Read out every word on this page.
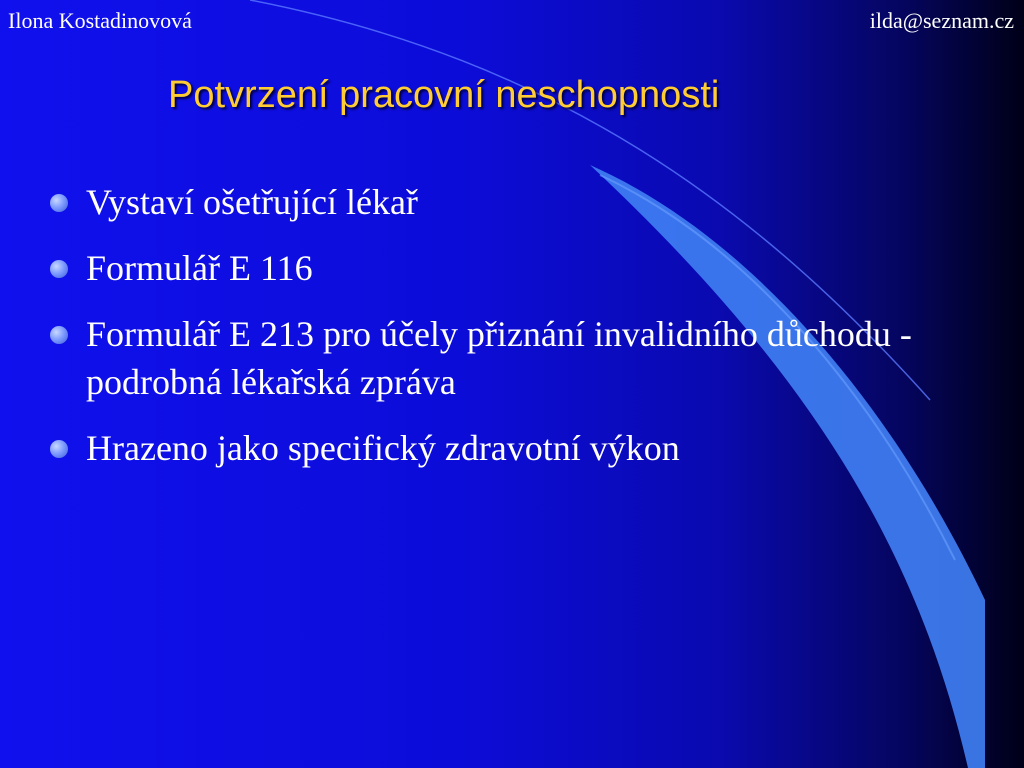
Ilona Kostadinovová	ilda@seznam.cz
Potvrzení pracovní neschopnosti
Vystaví ošetřující lékař
Formulář E 116
Formulář E 213 pro účely přiznání invalidního důchodu - podrobná lékařská zpráva
Hrazeno jako specifický zdravotní výkon
